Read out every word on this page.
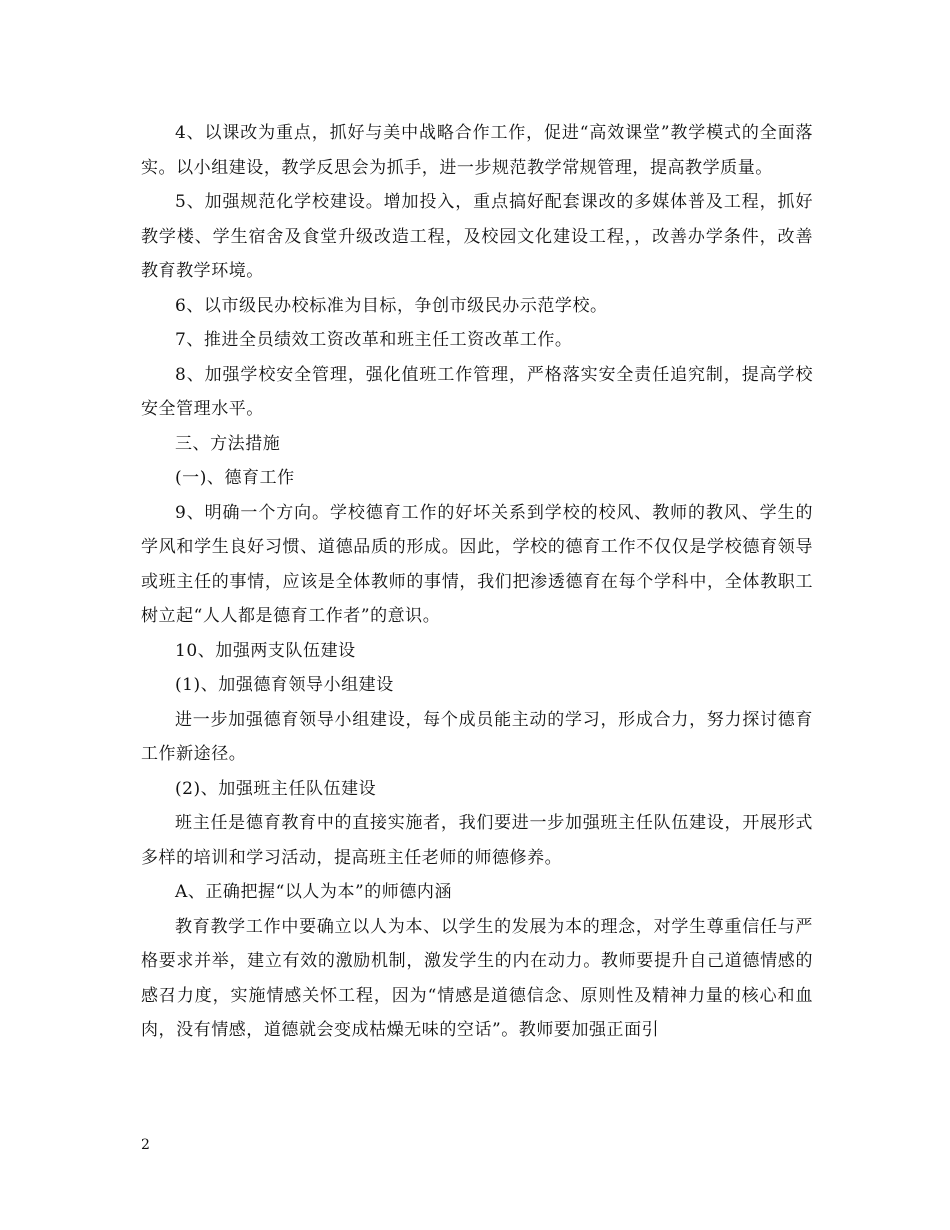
4、以课改为重点，抓好与美中战略合作工作，促进“高效课堂”教学模式的全面落实。以小组建设，教学反思会为抓手，进一步规范教学常规管理，提高教学质量。

5、加强规范化学校建设。增加投入，重点搞好配套课改的多媒体普及工程，抓好教学楼、学生宿舍及食堂升级改造工程，及校园文化建设工程，，改善办学条件，改善教育教学环境。

6、以市级民办校标准为目标，争创市级民办示范学校。

7、推进全员绩效工资改革和班主任工资改革工作。

8、加强学校安全管理，强化值班工作管理，严格落实安全责任追究制，提高学校安全管理水平。

三、方法措施

(一)、德育工作

9、明确一个方向。学校德育工作的好坏关系到学校的校风、教师的教风、学生的学风和学生良好习惯、道德品质的形成。因此，学校的德育工作不仅仅是学校德育领导或班主任的事情，应该是全体教师的事情，我们把渗透德育在每个学科中，全体教职工树立起“人人都是德育工作者”的意识。

10、加强两支队伍建设

(1)、加强德育领导小组建设

进一步加强德育领导小组建设，每个成员能主动的学习，形成合力，努力探讨德育工作新途径。

(2)、加强班主任队伍建设

班主任是德育教育中的直接实施者，我们要进一步加强班主任队伍建设，开展形式多样的培训和学习活动，提高班主任老师的师德修养。

A、正确把握“以人为本”的师德内涵

教育教学工作中要确立以人为本、以学生的发展为本的理念，对学生尊重信任与严格要求并举，建立有效的激励机制，激发学生的内在动力。教师要提升自己道德情感的感召力度，实施情感关怀工程，因为“情感是道德信念、原则性及精神力量的核心和血肉，没有情感，道德就会变成枯燥无味的空话”。教师要加强正面引

2
